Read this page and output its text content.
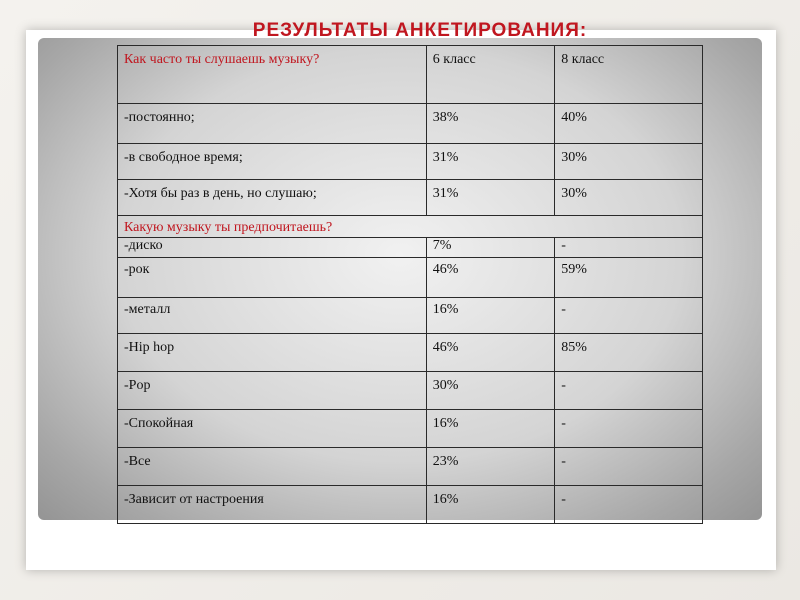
РЕЗУЛЬТАТЫ АНКЕТИРОВАНИЯ:
Как часто ты слушаешь музыку?	6 класс	8 класс
-постоянно;	38%	40%
-в свободное время;	31%	30%
-Хотя бы раз в день, но слушаю;	31%	30%
Какую музыку ты предпочитаешь?		
-диско	7%	-
-рок	46%	59%
-металл	16%	-
-Hip hop	46%	85%
-Pop	30%	-
-Спокойная	16%	-
-Все	23%	-
-Зависит от настроения	16%	-
